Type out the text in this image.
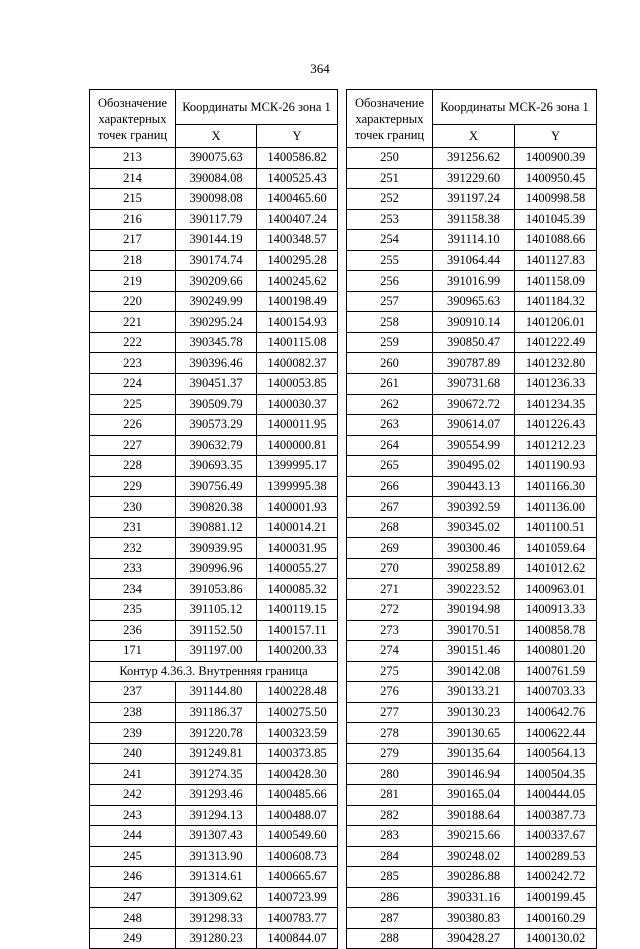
364
Обозначение характерных точек границ	Координаты МСК-26 зона 1	
	X	Y
213	390075.63	1400586.82
214	390084.08	1400525.43
215	390098.08	1400465.60
216	390117.79	1400407.24
217	390144.19	1400348.57
218	390174.74	1400295.28
219	390209.66	1400245.62
220	390249.99	1400198.49
221	390295.24	1400154.93
222	390345.78	1400115.08
223	390396.46	1400082.37
224	390451.37	1400053.85
225	390509.79	1400030.37
226	390573.29	1400011.95
227	390632.79	1400000.81
228	390693.35	1399995.17
229	390756.49	1399995.38
230	390820.38	1400001.93
231	390881.12	1400014.21
232	390939.95	1400031.95
233	390996.96	1400055.27
234	391053.86	1400085.32
235	391105.12	1400119.15
236	391152.50	1400157.11
171	391197.00	1400200.33
Контур 4.36.3. Внутренняя граница		
237	391144.80	1400228.48
238	391186.37	1400275.50
239	391220.78	1400323.59
240	391249.81	1400373.85
241	391274.35	1400428.30
242	391293.46	1400485.66
243	391294.13	1400488.07
244	391307.43	1400549.60
245	391313.90	1400608.73
246	391314.61	1400665.67
247	391309.62	1400723.99
248	391298.33	1400783.77
249	391280.23	1400844.07
Обозначение характерных точек границ	Координаты МСК-26 зона 1	
	X	Y
250	391256.62	1400900.39
251	391229.60	1400950.45
252	391197.24	1400998.58
253	391158.38	1401045.39
254	391114.10	1401088.66
255	391064.44	1401127.83
256	391016.99	1401158.09
257	390965.63	1401184.32
258	390910.14	1401206.01
259	390850.47	1401222.49
260	390787.89	1401232.80
261	390731.68	1401236.33
262	390672.72	1401234.35
263	390614.07	1401226.43
264	390554.99	1401212.23
265	390495.02	1401190.93
266	390443.13	1401166.30
267	390392.59	1401136.00
268	390345.02	1401100.51
269	390300.46	1401059.64
270	390258.89	1401012.62
271	390223.52	1400963.01
272	390194.98	1400913.33
273	390170.51	1400858.78
274	390151.46	1400801.20
275	390142.08	1400761.59
276	390133.21	1400703.33
277	390130.23	1400642.76
278	390130.65	1400622.44
279	390135.64	1400564.13
280	390146.94	1400504.35
281	390165.04	1400444.05
282	390188.64	1400387.73
283	390215.66	1400337.67
284	390248.02	1400289.53
285	390286.88	1400242.72
286	390331.16	1400199.45
287	390380.83	1400160.29
288	390428.27	1400130.02
